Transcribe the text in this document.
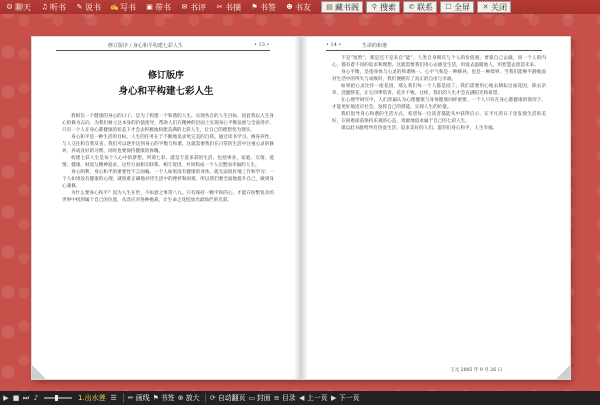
☺ 聊天 ♫ 听书 ✎ 说书 ✍ 写书 ▣ 带书 ✉ 书评 ✂ 书摘 ⚑ 书签 ☻ 书友 ▤ 藏书阁 ⚲ 搜索 ✆ 联系 ☐ 全屏 ✕ 关闭
修订版序 / 身心和平构建七彩人生	• 13 •
修订版序
身心和平构建七彩人生

我相信一个健康的身心的日子，是为了构建一个和谐的人生。实现各自的人生目标，因此我以人生身心的修为志向，为我们树立这本身的价值指导，帮助人们在精神的层面上实现身心平衡发展与全面进步。只有一个人在身心都健康的状态下才会去积极地构建美满的七彩人生，让自己的理想变为现实。

身心和平是一种生活的目标，人生的任务在于不断地追求更完美的自我。通过读书学习、修身养性、与人交往和自我反省，我们可以逐步达到身心的平衡与和谐。这就需要我们在日常的生活中注重心灵的修养，养成良好的习惯，同时也要保持健康的体魄。

构建七彩人生是每个人心中的梦想。所谓七彩，就是丰富多彩的生活，包括事业、家庭、友情、爱情、健康、财富与精神追求。这些方面相互联系、相互促进，共同构成一个人完整而幸福的人生。

身心两利，身心和平的重要性不言而喻。一个人如果没有健康的身体，就无法很好地工作和学习；一个人如果没有健康的心理，就很难正确地对待生活中的挫折和困难。所以我们要全面地提升自己，做到身心兼修。

为什么要身心和平？因为人生在世，不如意之事常八九。只有保持一颗平和的心，才能在纷繁复杂的世界中找到属于自己的位置，从容应对各种挑战，让生命之花绽放出最灿烂的光彩。

• 14 •	生命的和谐

不是“短暂”，那是还不是来自“能”。人类自身拥有与个人的价值观，要靠自己去做，同一个人的内心，都有着不同的追求和理想。这就需要我们用心去感受生活，用爱去温暖他人，用智慧去创造未来。

身心平衡，是指身体与心灵的和谐统一。心平气和是一种修养，也是一种境界。当我们能够平静地面对生活中的得失与成败时，我们便拥有了真正的自由与幸福。

如果把心灵比作一座花园，那么我们每一个人都是园丁。我们需要用心地去耕耘这座花园，除去杂草，浇灌鲜花，让它四季常青、花开不败。这样，我们的人生才会充满阳光和希望。

在心理学研究中，人们普遍认为心理健康与身体健康同样重要。一个人只有在身心都健康的情况下，才能更好地适应社会，发挥自己的潜能，实现人生的价值。

我们倡导身心和谐的生活方式，希望每一位读者都能从中获得启示，在平凡的日子里发现生活的美好，在困难面前保持乐观的心态，勇敢地追求属于自己的七彩人生。

谨以此书献给所有热爱生活、追求美好的人们。愿你们身心和平，人生幸福。

王元 2005 年 9 月 26 日
▶ ■ ⏭ ♪	1.出水莲 ☰ ✏ 画线 ⚑ 书签 ⊕ 放大 ⟳ 自动翻页 ▭ 封面 ≡ 目录 ◀ 上一页 ▶ 下一页
